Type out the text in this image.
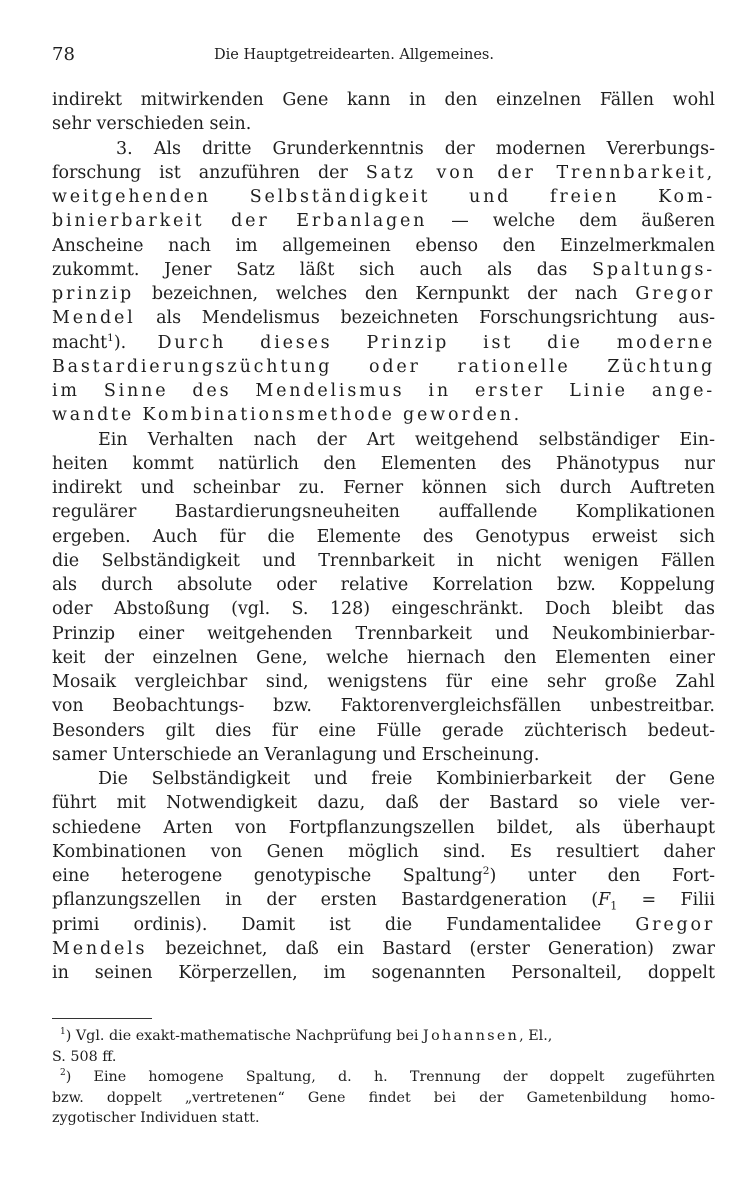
78	Die Hauptgetreidearten. Allgemeines.
indirekt mitwirkenden Gene kann in den einzelnen Fällen wohl
sehr verschieden sein.
3. Als dritte Grunderkenntnis der modernen Vererbungs-
forschung ist anzuführen der Satz von der Trennbarkeit,
weitgehenden Selbständigkeit und freien Kom-
binierbarkeit der Erbanlagen — welche dem äußeren
Anscheine nach im allgemeinen ebenso den Einzelmerkmalen
zukommt. Jener Satz läßt sich auch als das Spaltungs-
prinzip bezeichnen, welches den Kernpunkt der nach Gregor
Mendel als Mendelismus bezeichneten Forschungsrichtung aus-
macht$^1$). Durch dieses Prinzip ist die moderne
Bastardierungszüchtung oder rationelle Züchtung
im Sinne des Mendelismus in erster Linie ange-
wandte Kombinationsmethode geworden.
Ein Verhalten nach der Art weitgehend selbständiger Ein-
heiten kommt natürlich den Elementen des Phänotypus nur
indirekt und scheinbar zu. Ferner können sich durch Auftreten
regulärer Bastardierungsneuheiten auffallende Komplikationen
ergeben. Auch für die Elemente des Genotypus erweist sich
die Selbständigkeit und Trennbarkeit in nicht wenigen Fällen
als durch absolute oder relative Korrelation bzw. Koppelung
oder Abstoßung (vgl. S. 128) eingeschränkt. Doch bleibt das
Prinzip einer weitgehenden Trennbarkeit und Neukombinierbar-
keit der einzelnen Gene, welche hiernach den Elementen einer
Mosaik vergleichbar sind, wenigstens für eine sehr große Zahl
von Beobachtungs- bzw. Faktorenvergleichsfällen unbestreitbar.
Besonders gilt dies für eine Fülle gerade züchterisch bedeut-
samer Unterschiede an Veranlagung und Erscheinung.
Die Selbständigkeit und freie Kombinierbarkeit der Gene
führt mit Notwendigkeit dazu, daß der Bastard so viele ver-
schiedene Arten von Fortpflanzungszellen bildet, als überhaupt
Kombinationen von Genen möglich sind. Es resultiert daher
eine heterogene genotypische Spaltung$^2$) unter den Fort-
pflanzungszellen in der ersten Bastardgeneration ($F_1$ = Filii
primi ordinis). Damit ist die Fundamentalidee Gregor
Mendels bezeichnet, daß ein Bastard (erster Generation) zwar
in seinen Körperzellen, im sogenannten Personalteil, doppelt
$^1$) Vgl. die exakt-mathematische Nachprüfung bei Johannsen, El.,
S. 508 ff.
$^2$) Eine homogene Spaltung, d. h. Trennung der doppelt zugeführten
bzw. doppelt „vertretenen“ Gene findet bei der Gametenbildung homo-
zygotischer Individuen statt.
